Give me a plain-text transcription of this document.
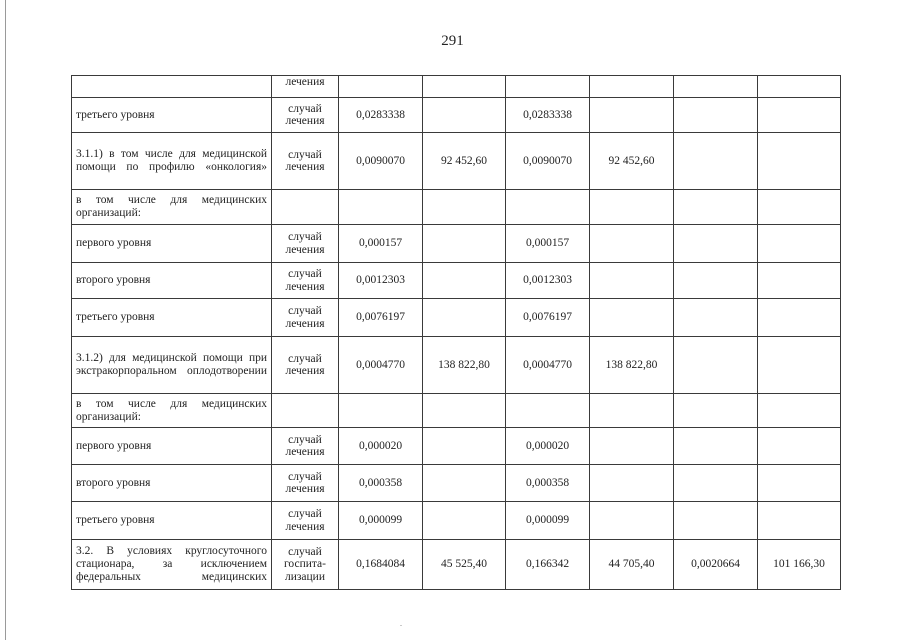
291
	лечения						
третьего уровня	случай лечения	0,0283338		0,0283338			
3.1.1) в том числе для медицинской помощи по профилю «онкология»	случай лечения	0,0090070	92 452,60	0,0090070	92 452,60		
в том числе для медицинских организаций:							
первого уровня	случай лечения	0,000157		0,000157			
второго уровня	случай лечения	0,0012303		0,0012303			
третьего уровня	случай лечения	0,0076197		0,0076197			
3.1.2) для медицинской помощи при экстракорпоральном оплодотворении	случай лечения	0,0004770	138 822,80	0,0004770	138 822,80		
в том числе для медицинских организаций:							
первого уровня	случай лечения	0,000020		0,000020			
второго уровня	случай лечения	0,000358		0,000358			
третьего уровня	случай лечения	0,000099		0,000099			
3.2. В условиях круглосуточного стационара, за исключением федеральных медицинских	случай госпита-лизации	0,1684084	45 525,40	0,166342	44 705,40	0,0020664	101 166,30
.
